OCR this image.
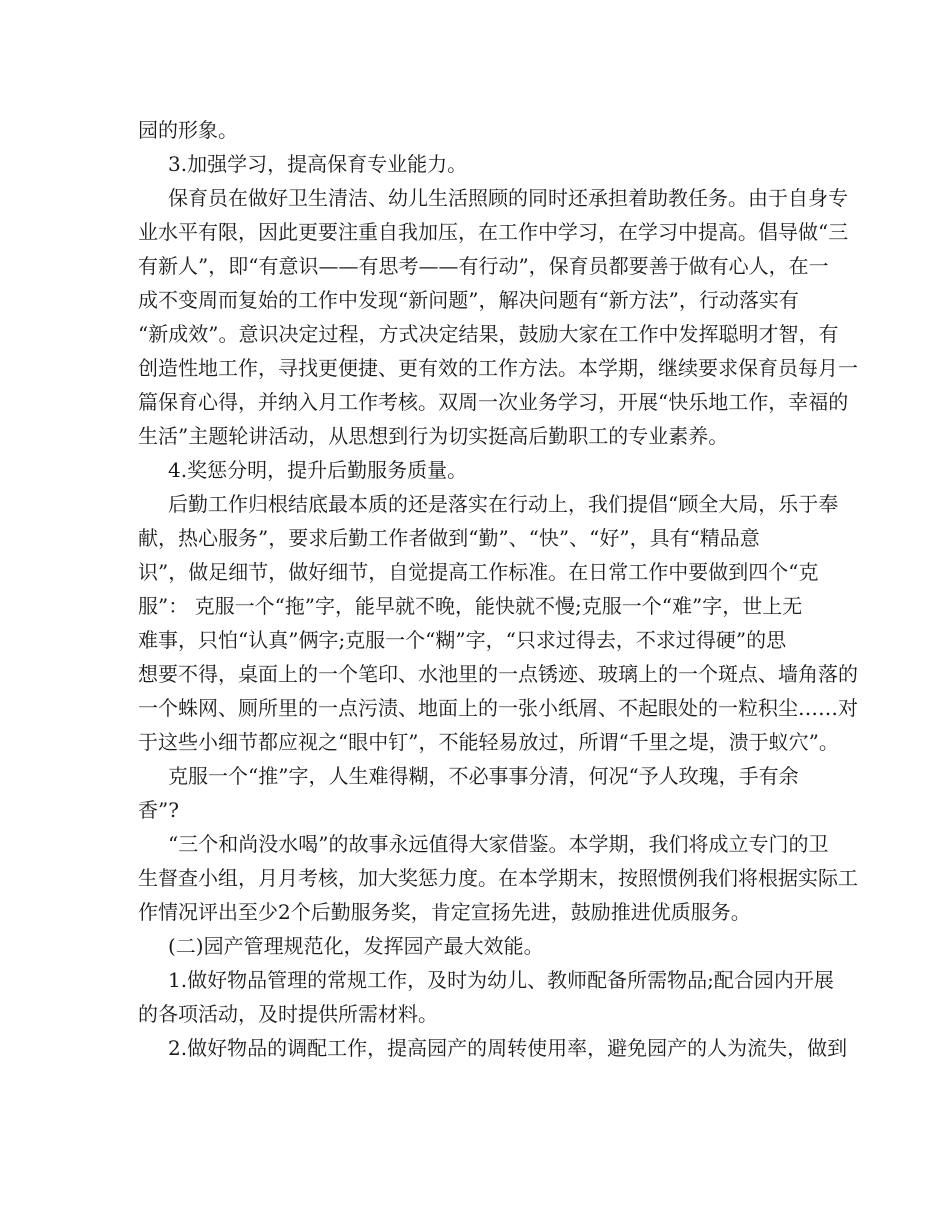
园的形象。
3.加强学习，提高保育专业能力。
保育员在做好卫生清洁、幼儿生活照顾的同时还承担着助教任务。由于自身专
业水平有限，因此更要注重自我加压，在工作中学习，在学习中提高。倡导做“三
有新人”，即“有意识——有思考——有行动”，保育员都要善于做有心人，在一
成不变周而复始的工作中发现“新问题”，解决问题有“新方法”，行动落实有
“新成效”。意识决定过程，方式决定结果，鼓励大家在工作中发挥聪明才智，有
创造性地工作，寻找更便捷、更有效的工作方法。本学期，继续要求保育员每月一
篇保育心得，并纳入月工作考核。双周一次业务学习，开展“快乐地工作，幸福的
生活”主题轮讲活动，从思想到行为切实挺高后勤职工的专业素养。
4.奖惩分明，提升后勤服务质量。
后勤工作归根结底最本质的还是落实在行动上，我们提倡“顾全大局，乐于奉
献，热心服务”，要求后勤工作者做到“勤”、“快”、“好”，具有“精品意
识”，做足细节，做好细节，自觉提高工作标准。在日常工作中要做到四个“克
服”： 克服一个“拖”字，能早就不晚，能快就不慢;克服一个“难”字，世上无
难事，只怕“认真”俩字;克服一个“糊”字，“只求过得去，不求过得硬”的思
想要不得，桌面上的一个笔印、水池里的一点锈迹、玻璃上的一个斑点、墙角落的
一个蛛网、厕所里的一点污渍、地面上的一张小纸屑、不起眼处的一粒积尘……对
于这些小细节都应视之“眼中钉”，不能轻易放过，所谓“千里之堤，溃于蚁穴”。
克服一个“推”字，人生难得糊，不必事事分清，何况“予人玫瑰，手有余
香”?
“三个和尚没水喝”的故事永远值得大家借鉴。本学期，我们将成立专门的卫
生督查小组，月月考核，加大奖惩力度。在本学期末，按照惯例我们将根据实际工
作情况评出至少2个后勤服务奖，肯定宣扬先进，鼓励推进优质服务。
(二)园产管理规范化，发挥园产最大效能。
1.做好物品管理的常规工作，及时为幼儿、教师配备所需物品;配合园内开展
的各项活动，及时提供所需材料。
2.做好物品的调配工作，提高园产的周转使用率，避免园产的人为流失，做到
